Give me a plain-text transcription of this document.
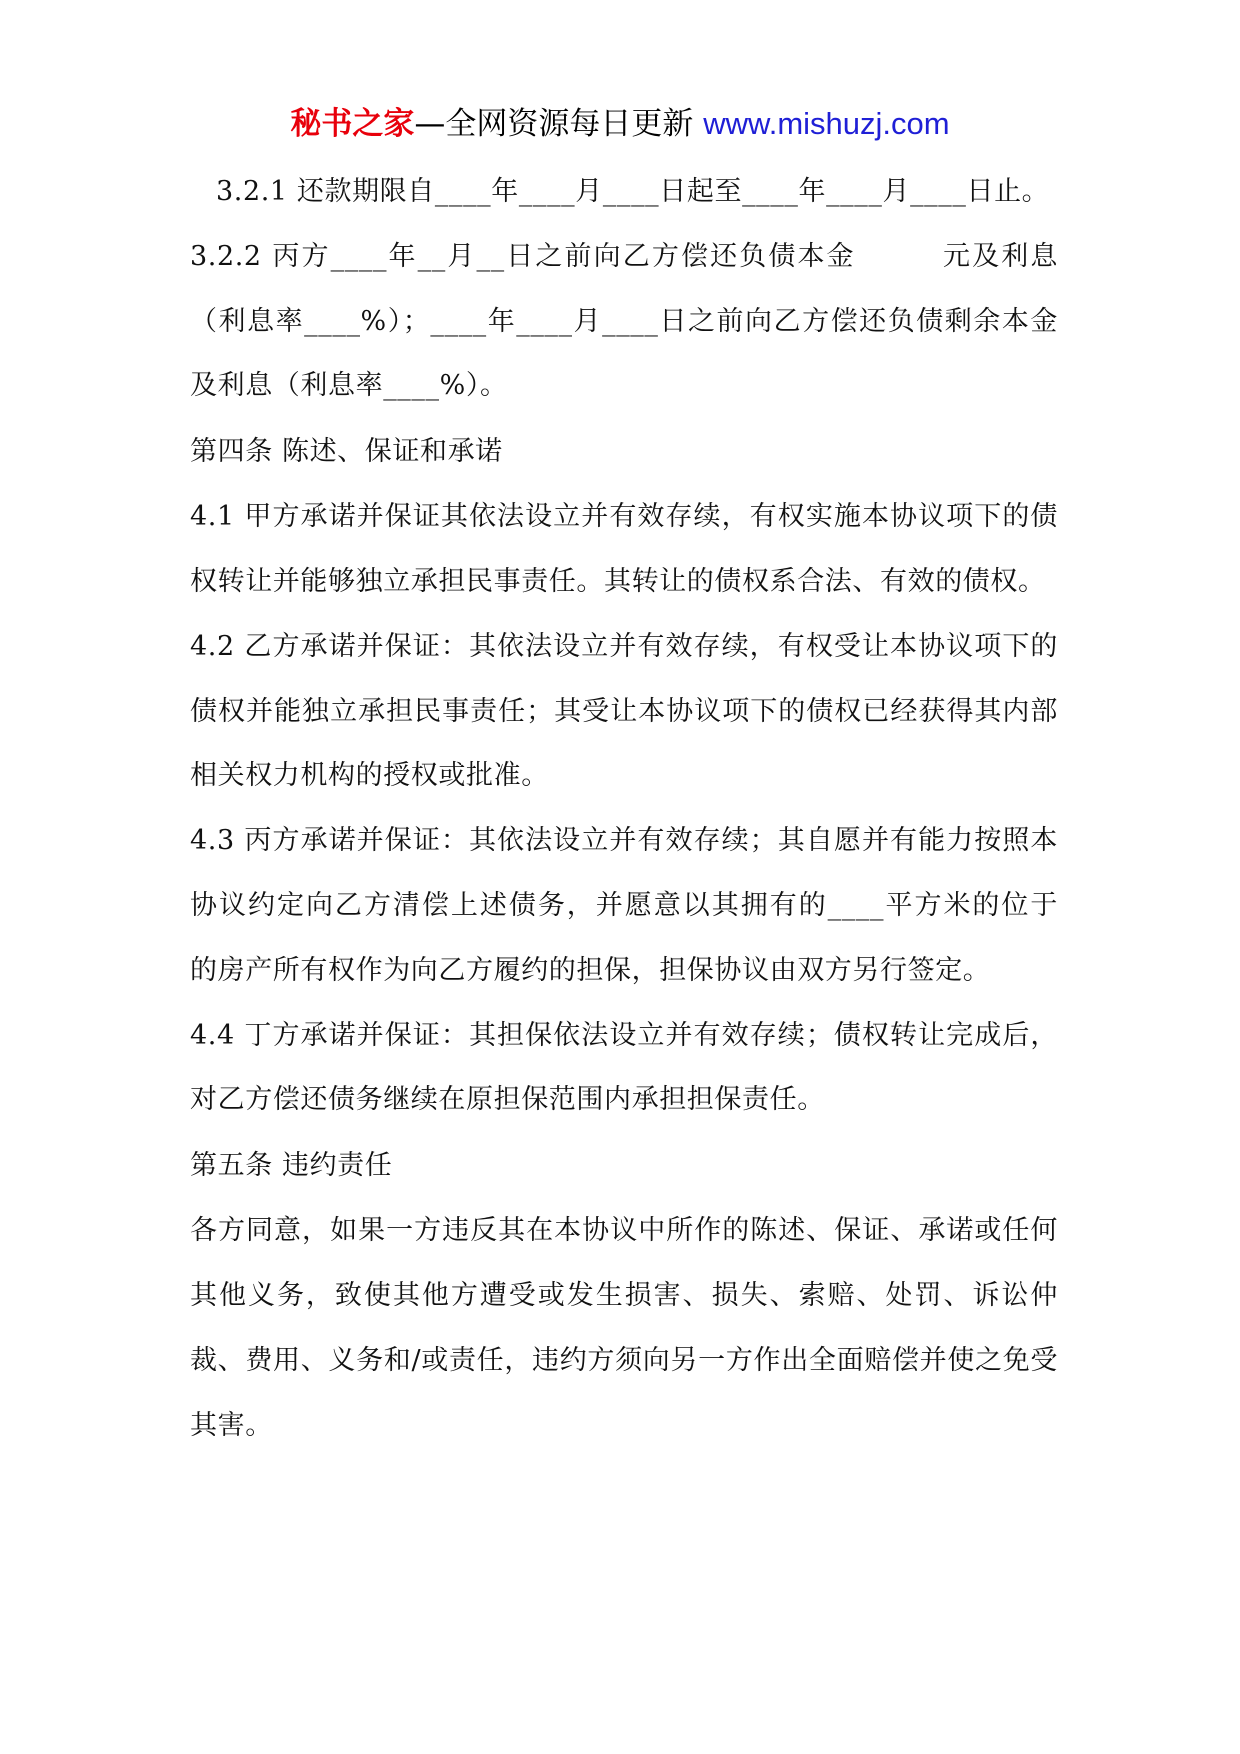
秘书之家—全网资源每日更新 www.mishuzj.com

3.2.1 还款期限自____年____月____日起至____年____月____日止。

3.2.2 丙方____年__月__日之前向乙方偿还负债本金　　　元及利息（利息率____%）；____年____月____日之前向乙方偿还负债剩余本金及利息（利息率____%）。

第四条 陈述、保证和承诺

4.1 甲方承诺并保证其依法设立并有效存续，有权实施本协议项下的债权转让并能够独立承担民事责任。其转让的债权系合法、有效的债权。

4.2 乙方承诺并保证：其依法设立并有效存续，有权受让本协议项下的债权并能独立承担民事责任；其受让本协议项下的债权已经获得其内部相关权力机构的授权或批准。

4.3 丙方承诺并保证：其依法设立并有效存续；其自愿并有能力按照本协议约定向乙方清偿上述债务，并愿意以其拥有的____平方米的位于　　　的房产所有权作为向乙方履约的担保，担保协议由双方另行签定。

4.4 丁方承诺并保证：其担保依法设立并有效存续；债权转让完成后，对乙方偿还债务继续在原担保范围内承担担保责任。

第五条 违约责任

各方同意，如果一方违反其在本协议中所作的陈述、保证、承诺或任何其他义务，致使其他方遭受或发生损害、损失、索赔、处罚、诉讼仲裁、费用、义务和/或责任，违约方须向另一方作出全面赔偿并使之免受其害。
